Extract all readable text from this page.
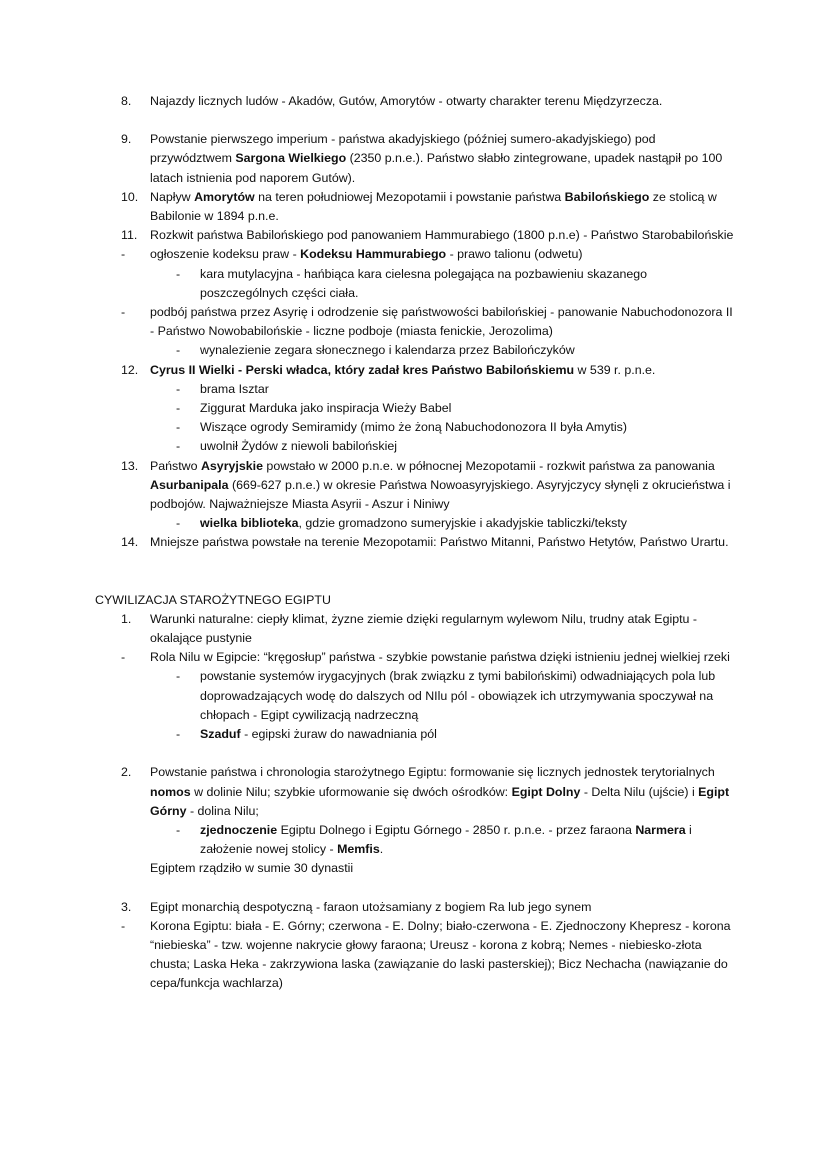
8.	Najazdy licznych ludów - Akadów, Gutów, Amorytów - otwarty charakter terenu Międzyrzecza.
9.	Powstanie pierwszego imperium - państwa akadyjskiego (później sumero-akadyjskiego) pod przywództwem Sargona Wielkiego (2350 p.n.e.). Państwo słabło zintegrowane, upadek nastąpił po 100 latach istnienia pod naporem Gutów).
10. Napływ Amorytów na teren południowej Mezopotamii i powstanie państwa Babilońskiego ze stolicą w Babilonie w 1894 p.n.e.
11.	Rozkwit państwa Babilońskiego pod panowaniem Hammurabiego (1800 p.n.e) - Państwo Starobabilońskie
-	ogłoszenie kodeksu praw - Kodeksu Hammurabiego - prawo talionu (odwetu)
-	kara mutylacyjna - hańbiąca kara cielesna polegająca na pozbawieniu skazanego poszczególnych części ciała.
-	podbój państwa przez Asyrię i odrodzenie się państwowości babilońskiej - panowanie Nabuchodonozora II - Państwo Nowobabilońskie - liczne podboje (miasta fenickie, Jerozolima)
-	wynalezienie zegara słonecznego i kalendarza przez Babilończyków
12. Cyrus II Wielki - Perski władca, który zadał kres Państwo Babilońskiemu w 539 r. p.n.e.
-	brama Isztar
-	Ziggurat Marduka jako inspiracja Wieży Babel
-	Wiszące ogrody Semiramidy (mimo że żoną Nabuchodonozora II była Amytis)
-	uwolnił Żydów z niewoli babilońskiej
13. Państwo Asyryjskie powstało w 2000 p.n.e. w północnej Mezopotamii - rozkwit państwa za panowania Asurbanipala (669-627 p.n.e.) w okresie Państwa Nowoasyryjskiego. Asyryjczycy słynęli z okrucieństwa i podbojów. Najważniejsze Miasta Asyrii - Aszur i Niniwy
-	wielka biblioteka, gdzie gromadzono sumeryjskie i akadyjskie tabliczki/teksty
14. Mniejsze państwa powstałe na terenie Mezopotamii: Państwo Mitanni, Państwo Hetytów, Państwo Urartu.
CYWILIZACJA STAROŻYTNEGO EGIPTU
1.	Warunki naturalne: ciepły klimat, żyzne ziemie dzięki regularnym wylewom Nilu, trudny atak Egiptu - okalające pustynie
-	Rola Nilu w Egipcie: “kręgosłup” państwa - szybkie powstanie państwa dzięki istnieniu jednej wielkiej rzeki
-	powstanie systemów irygacyjnych (brak związku z tymi babilońskimi) odwadniających pola lub doprowadzających wodę do dalszych od NIlu pól - obowiązek ich utrzymywania spoczywał na chłopach - Egipt cywilizacją nadrzeczną
-	Szaduf - egipski żuraw do nawadniania pól
2.	Powstanie państwa i chronologia starożytnego Egiptu: formowanie się licznych jednostek terytorialnych nomos w dolinie Nilu; szybkie uformowanie się dwóch ośrodków: Egipt Dolny - Delta Nilu (ujście) i Egipt Górny - dolina Nilu;
-	zjednoczenie Egiptu Dolnego i Egiptu Górnego - 2850 r. p.n.e. - przez faraona Narmera i założenie nowej stolicy - Memfis.
Egiptem rządziło w sumie 30 dynastii
3.	Egipt monarchią despotyczną - faraon utożsamiany z bogiem Ra lub jego synem
-	Korona Egiptu: biała - E. Górny; czerwona - E. Dolny; biało-czerwona - E. Zjednoczony Khepresz - korona “niebieska” - tzw. wojenne nakrycie głowy faraona; Ureusz - korona z kobrą; Nemes - niebiesko-złota chusta; Laska Heka - zakrzywiona laska (zawiązanie do laski pasterskiej); Bicz Nechacha (nawiązanie do cepa/funkcja wachlarza)
